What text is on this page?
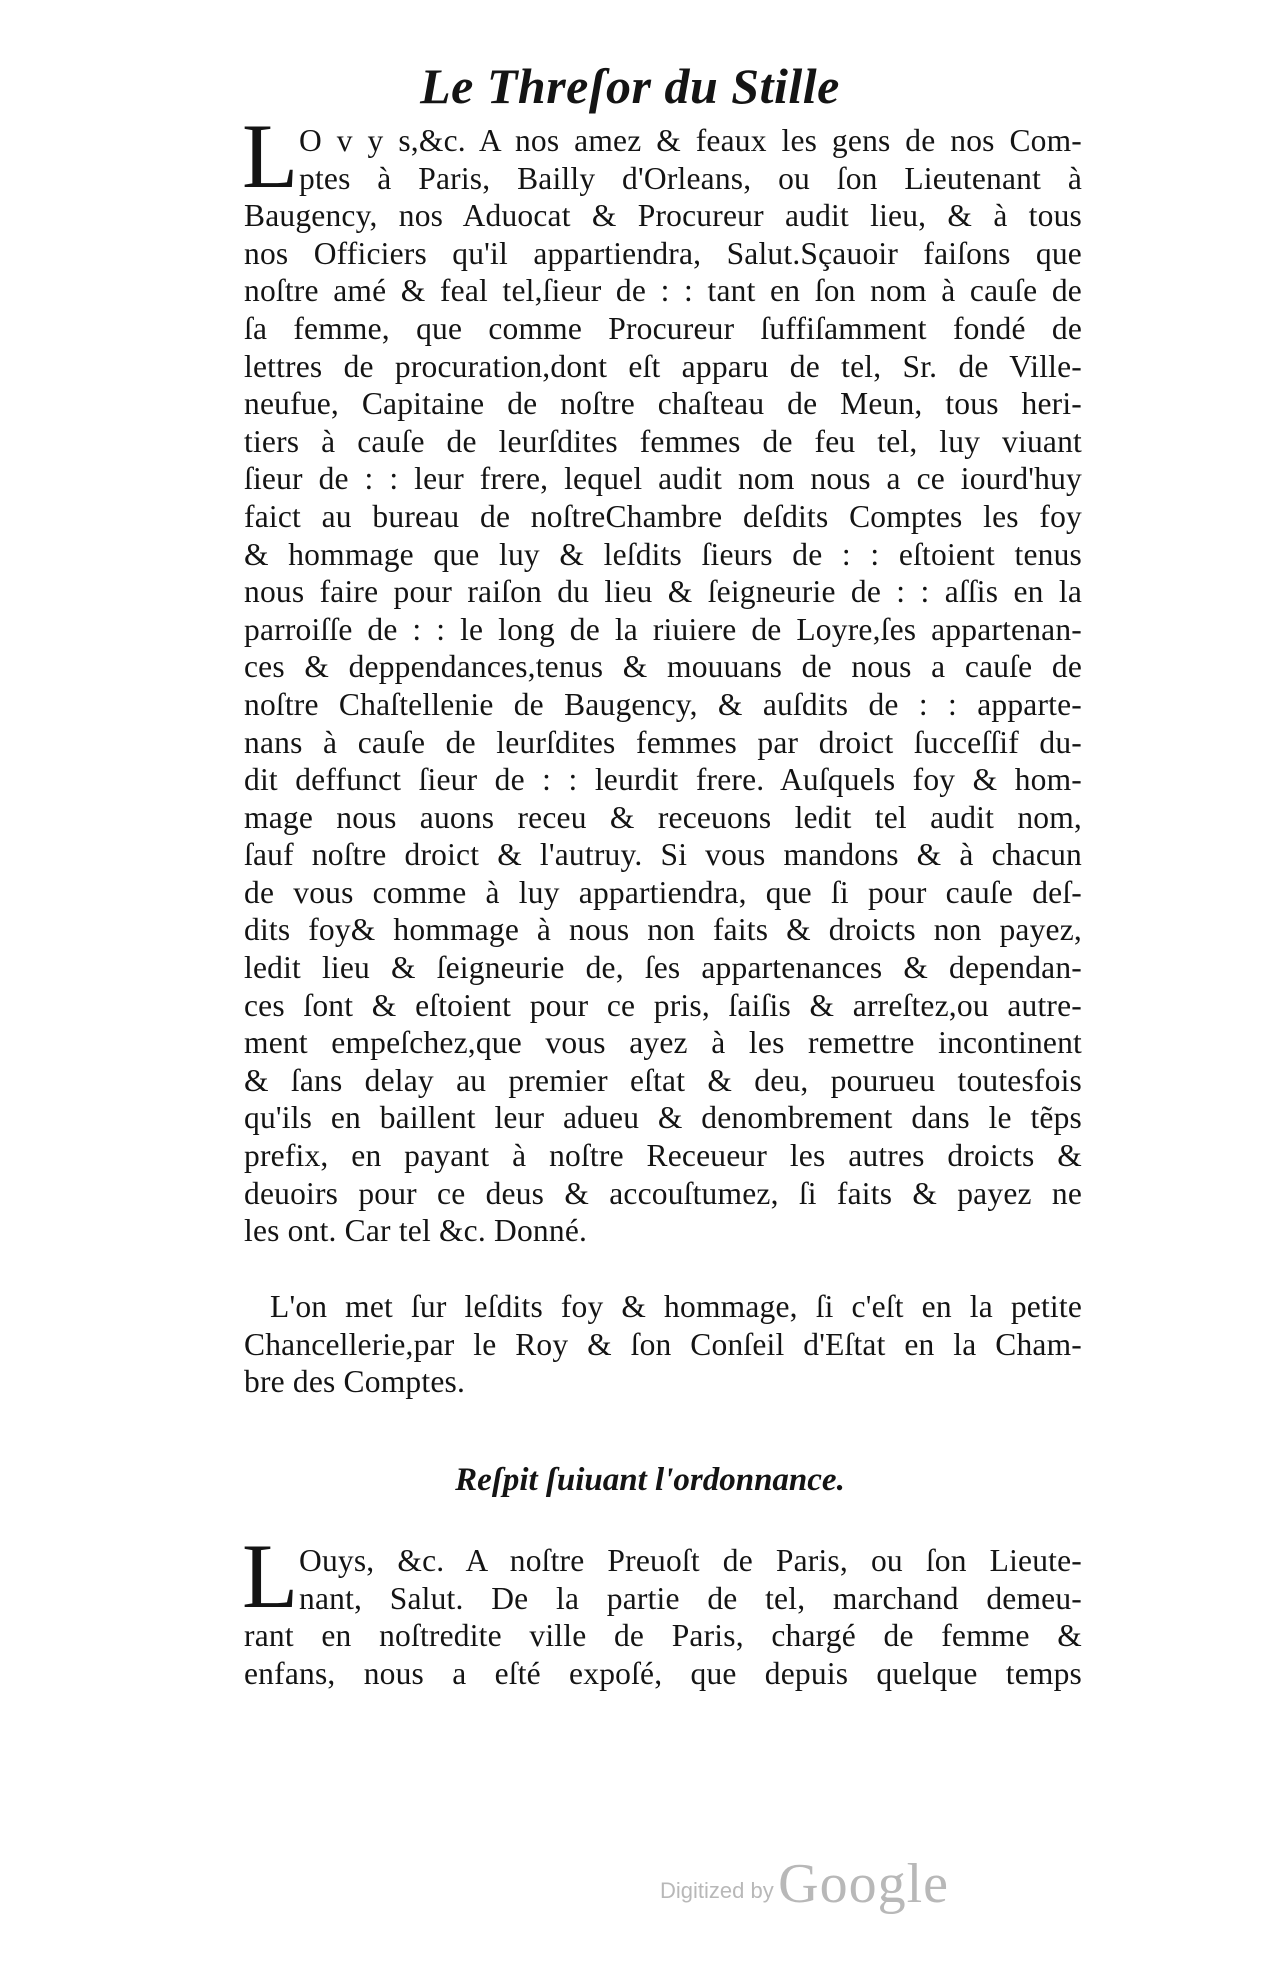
Le Threſor du Stille
L O v y s,&c. A nos amez & feaux les gens de nos Com-
ptes à Paris, Bailly d'Orleans, ou ſon Lieutenant à
Baugency, nos Aduocat & Procureur audit lieu, & à tous
nos Officiers qu'il appartiendra, Salut.Sçauoir faiſons que
noſtre amé & feal tel,ſieur de : : tant en ſon nom à cauſe de
ſa femme, que comme Procureur ſuffiſamment fondé de
lettres de procuration,dont eſt apparu de tel, Sr. de Ville-
neufue, Capitaine de noſtre chaſteau de Meun, tous heri-
tiers à cauſe de leurſdites femmes de feu tel, luy viuant
ſieur de : : leur frere, lequel audit nom nous a ce iourd'huy
faict au bureau de noſtreChambre deſdits Comptes les foy
& hommage que luy & leſdits ſieurs de : : eſtoient tenus
nous faire pour raiſon du lieu & ſeigneurie de : : aſſis en la
parroiſſe de : : le long de la riuiere de Loyre,ſes appartenan-
ces & deppendances,tenus & mouuans de nous a cauſe de
noſtre Chaſtellenie de Baugency, & auſdits de : : apparte-
nans à cauſe de leurſdites femmes par droict ſucceſſif du-
dit deffunct ſieur de : : leurdit frere. Auſquels foy & hom-
mage nous auons receu & receuons ledit tel audit nom,
ſauf noſtre droict & l'autruy. Si vous mandons & à chacun
de vous comme à luy appartiendra, que ſi pour cauſe deſ-
dits foy& hommage à nous non faits & droicts non payez,
ledit lieu & ſeigneurie de, ſes appartenances & dependan-
ces ſont & eſtoient pour ce pris, ſaiſis & arreſtez,ou autre-
ment empeſchez,que vous ayez à les remettre incontinent
& ſans delay au premier eſtat & deu, pourueu toutesfois
qu'ils en baillent leur adueu & denombrement dans le tẽps
prefix, en payant à noſtre Receueur les autres droicts &
deuoirs pour ce deus & accouſtumez, ſi faits & payez ne
les ont. Car tel &c. Donné.
L'on met ſur leſdits foy & hommage, ſi c'eſt en la petite
Chancellerie,par le Roy & ſon Conſeil d'Eſtat en la Cham-
bre des Comptes.
Reſpit ſuiuant l'ordonnance.
L Ouys, &c. A noſtre Preuoſt de Paris, ou ſon Lieute-
nant, Salut. De la partie de tel, marchand demeu-
rant en noſtredite ville de Paris, chargé de femme &
enfans, nous a eſté expoſé, que depuis quelque temps
Digitized by Google
